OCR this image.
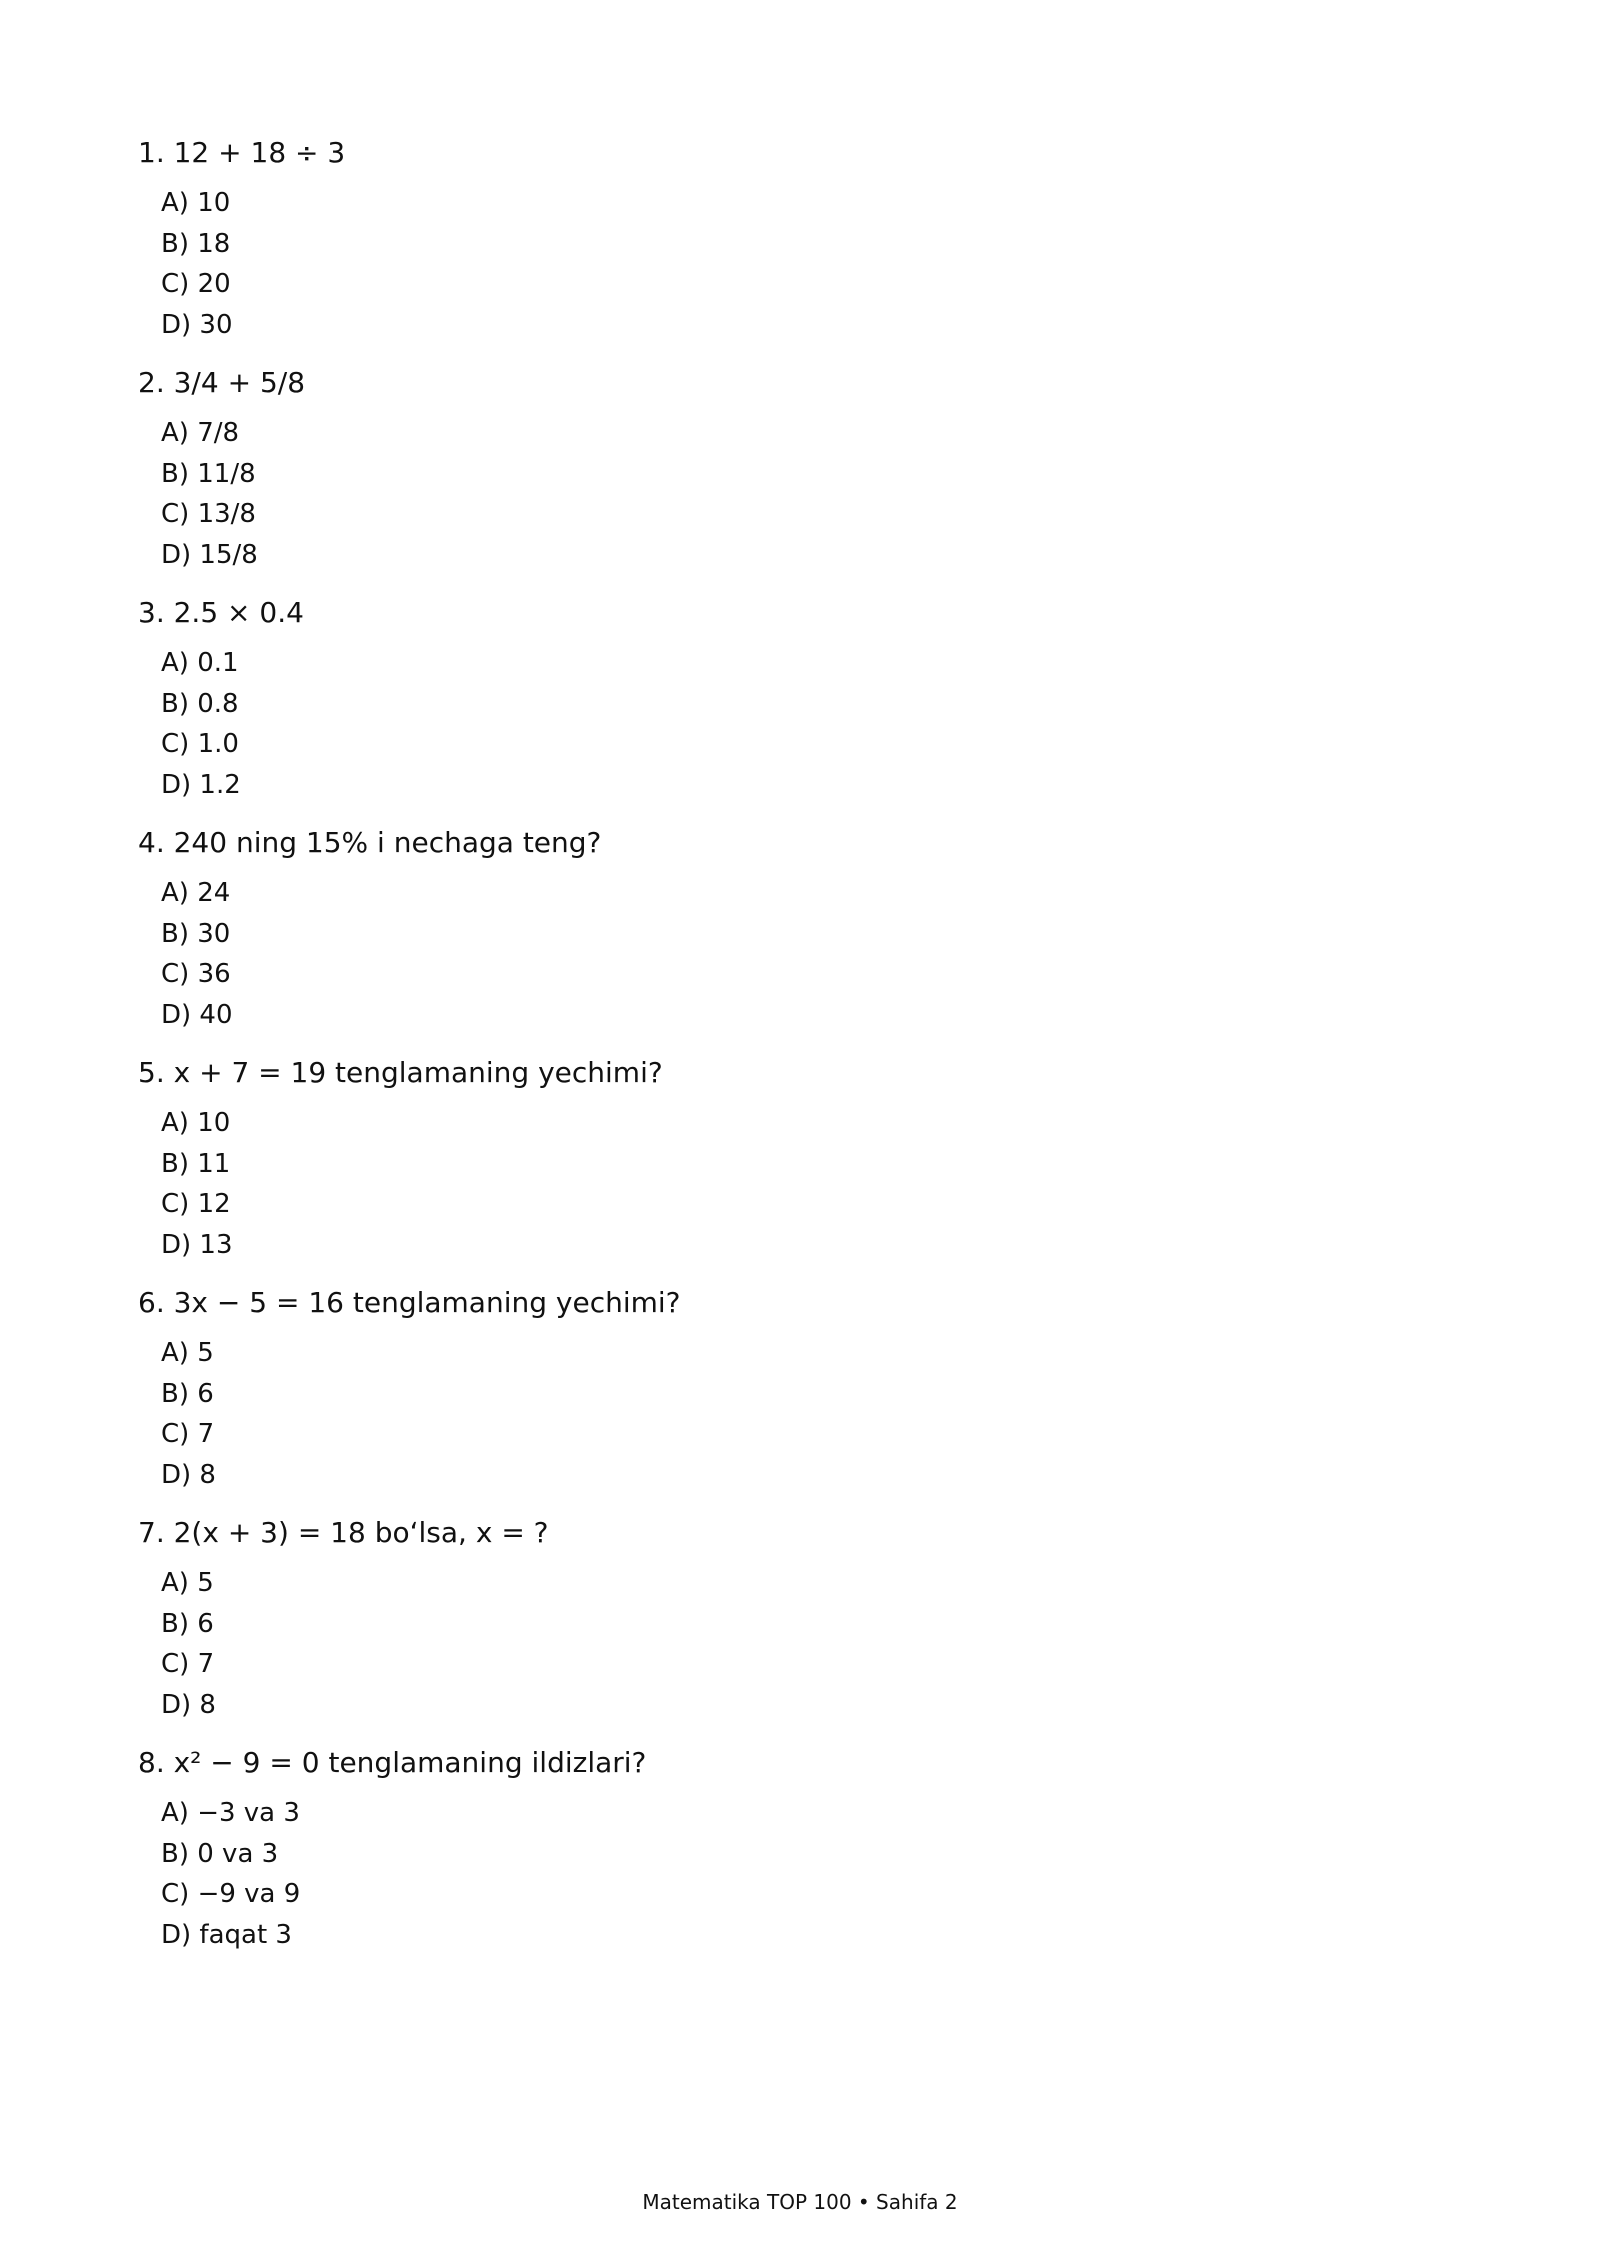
1. 12 + 18 ÷ 3
A) 10
B) 18
C) 20
D) 30
2. 3/4 + 5/8
A) 7/8
B) 11/8
C) 13/8
D) 15/8
3. 2.5 × 0.4
A) 0.1
B) 0.8
C) 1.0
D) 1.2
4. 240 ning 15% i nechaga teng?
A) 24
B) 30
C) 36
D) 40
5. x + 7 = 19 tenglamaning yechimi?
A) 10
B) 11
C) 12
D) 13
6. 3x − 5 = 16 tenglamaning yechimi?
A) 5
B) 6
C) 7
D) 8
7. 2(x + 3) = 18 boʻlsa, x = ?
A) 5
B) 6
C) 7
D) 8
8. x² − 9 = 0 tenglamaning ildizlari?
A) −3 va 3
B) 0 va 3
C) −9 va 9
D) faqat 3
Matematika TOP 100 • Sahifa 2
